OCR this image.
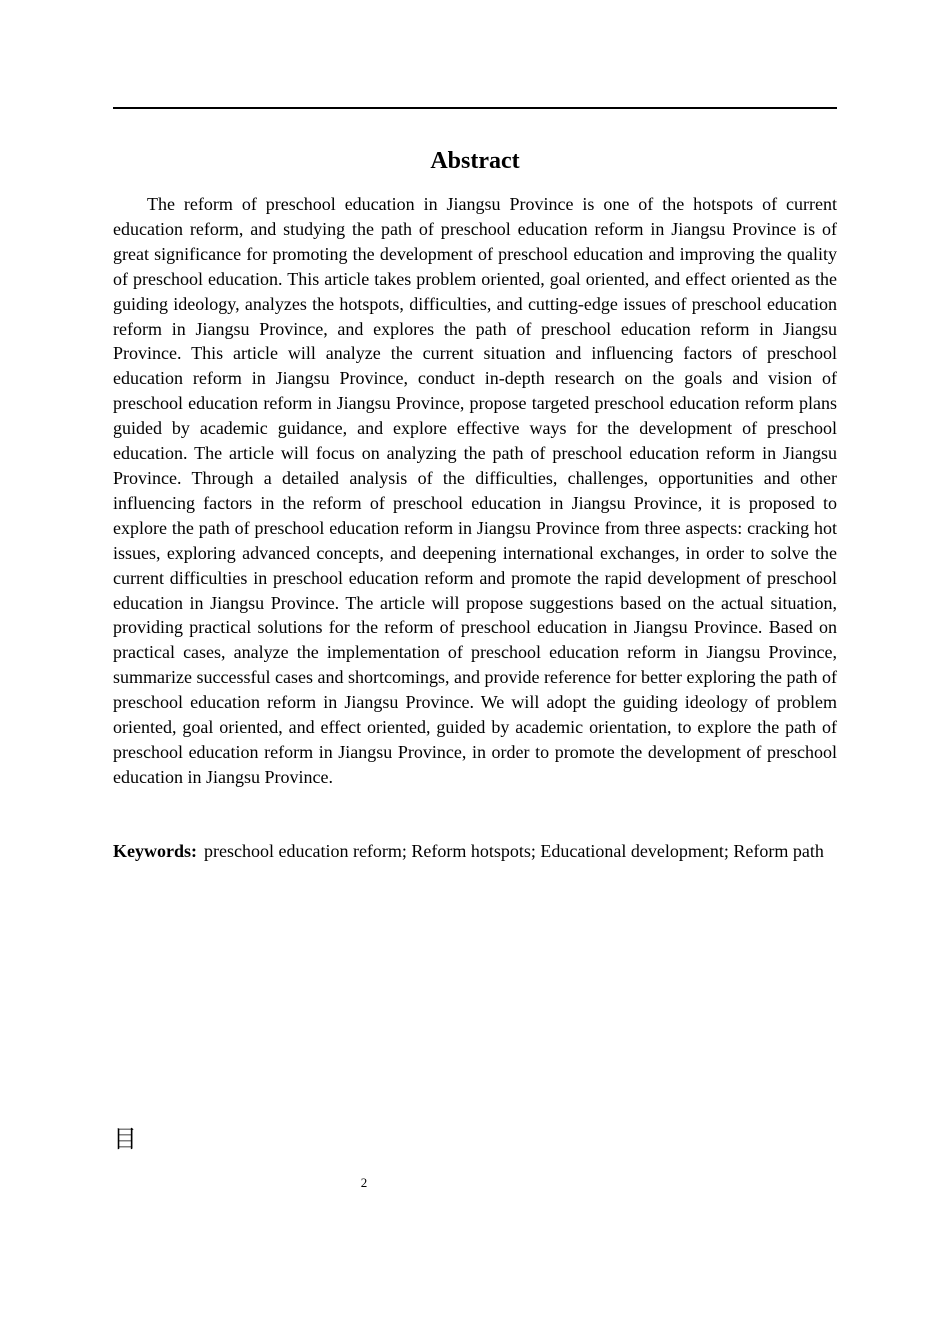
Abstract

The reform of preschool education in Jiangsu Province is one of the hotspots of current education reform, and studying the path of preschool education reform in Jiangsu Province is of great significance for promoting the development of preschool education and improving the quality of preschool education. This article takes problem oriented, goal oriented, and effect oriented as the guiding ideology, analyzes the hotspots, difficulties, and cutting-edge issues of preschool education reform in Jiangsu Province, and explores the path of preschool education reform in Jiangsu Province. This article will analyze the current situation and influencing factors of preschool education reform in Jiangsu Province, conduct in-depth research on the goals and vision of preschool education reform in Jiangsu Province, propose targeted preschool education reform plans guided by academic guidance, and explore effective ways for the development of preschool education. The article will focus on analyzing the path of preschool education reform in Jiangsu Province. Through a detailed analysis of the difficulties, challenges, opportunities and other influencing factors in the reform of preschool education in Jiangsu Province, it is proposed to explore the path of preschool education reform in Jiangsu Province from three aspects: cracking hot issues, exploring advanced concepts, and deepening international exchanges, in order to solve the current difficulties in preschool education reform and promote the rapid development of preschool education in Jiangsu Province. The article will propose suggestions based on the actual situation, providing practical solutions for the reform of preschool education in Jiangsu Province. Based on practical cases, analyze the implementation of preschool education reform in Jiangsu Province, summarize successful cases and shortcomings, and provide reference for better exploring the path of preschool education reform in Jiangsu Province. We will adopt the guiding ideology of problem oriented, goal oriented, and effect oriented, guided by academic orientation, to explore the path of preschool education reform in Jiangsu Province, in order to promote the development of preschool education in Jiangsu Province.

Keywords: preschool education reform; Reform hotspots; Educational development; Reform path

目
2
